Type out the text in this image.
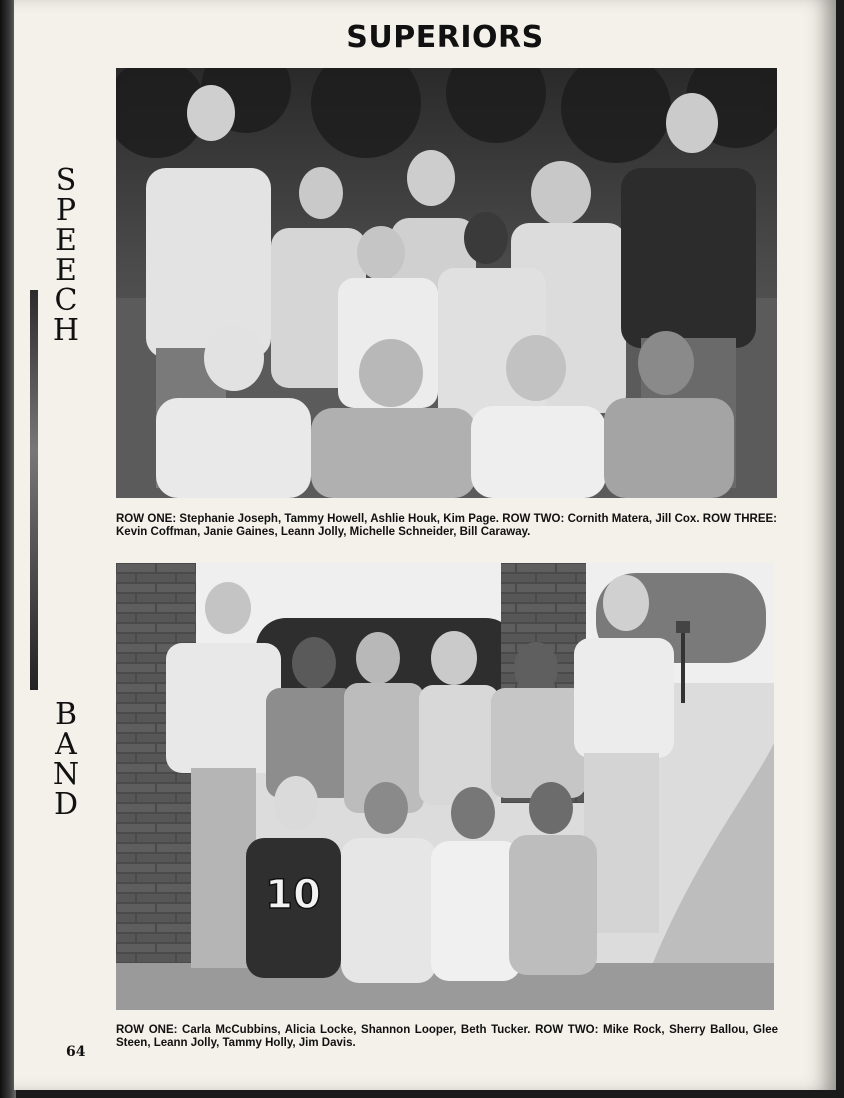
SUPERIORS
S
P
E
E
C
H
ROW ONE: Stephanie Joseph, Tammy Howell, Ashlie Houk, Kim Page. ROW TWO: Cornith Matera, Jill Cox. ROW THREE: Kevin Coffman, Janie Gaines, Leann Jolly, Michelle Schneider, Bill Caraway.
B
A
N
D
10
ROW ONE: Carla McCubbins, Alicia Locke, Shannon Looper, Beth Tucker. ROW TWO: Mike Rock, Sherry Ballou, Glee Steen, Leann Jolly, Tammy Holly, Jim Davis.
64
